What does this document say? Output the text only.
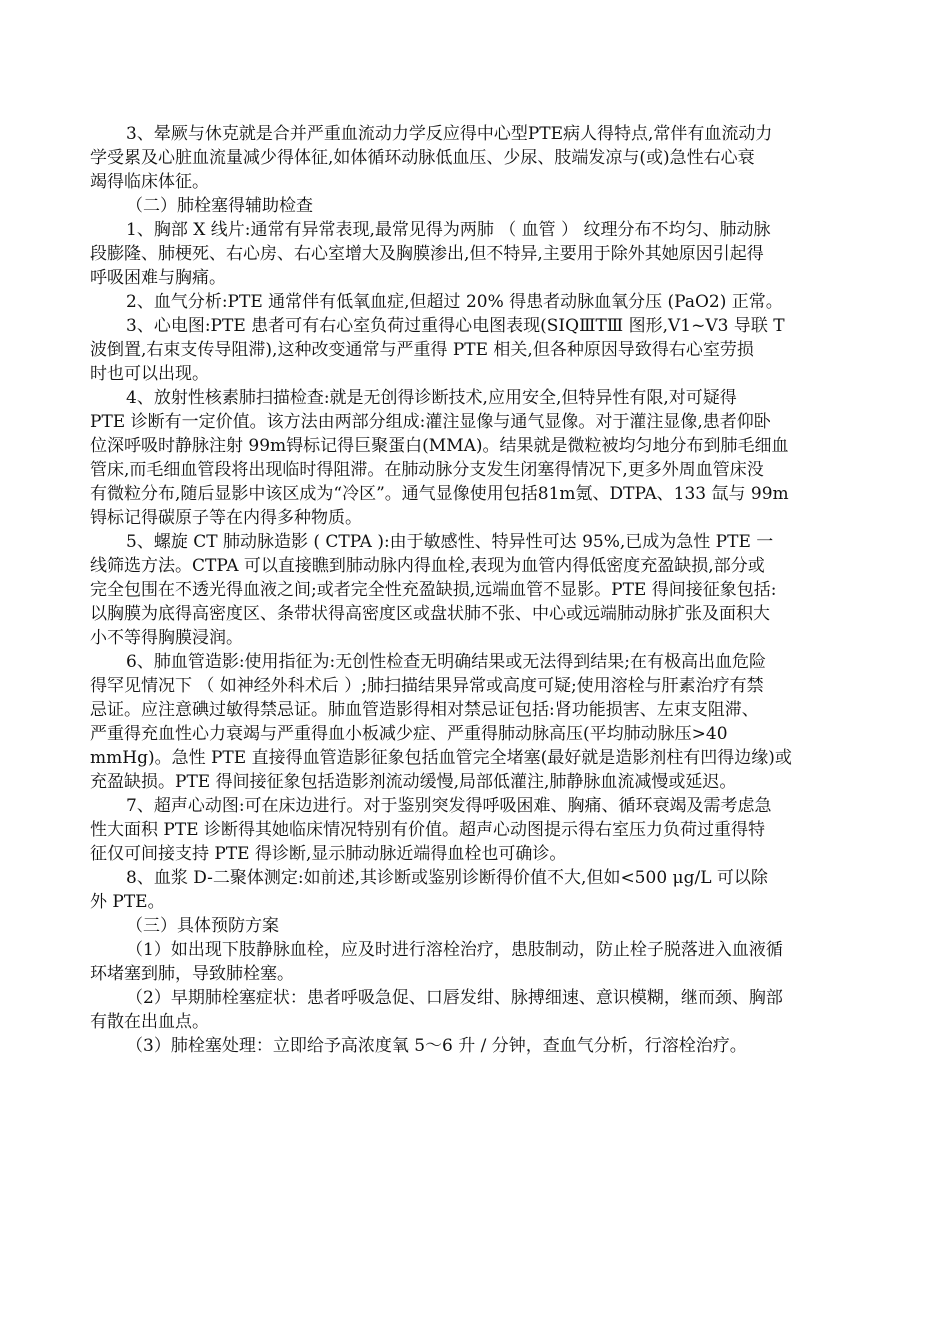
3、晕厥与休克就是合并严重血流动力学反应得中心型PTE病人得特点,常伴有血流动力
学受累及心脏血流量减少得体征,如体循环动脉低血压、少尿、肢端发凉与(或)急性右心衰
竭得临床体征。

（二）肺栓塞得辅助检查

1、胸部 X 线片:通常有异常表现,最常见得为两肺 （ 血管 ） 纹理分布不均匀、肺动脉
段膨隆、肺梗死、右心房、右心室增大及胸膜渗出,但不特异,主要用于除外其她原因引起得
呼吸困难与胸痛。

2、血气分析:PTE 通常伴有低氧血症,但超过 20% 得患者动脉血氧分压 (PaO2) 正常。

3、心电图:PTE 患者可有右心室负荷过重得心电图表现(SⅠQⅢTⅢ 图形,V1~V3 导联 T
波倒置,右束支传导阻滞),这种改变通常与严重得 PTE 相关,但各种原因导致得右心室劳损
时也可以出现。

4、放射性核素肺扫描检查:就是无创得诊断技术,应用安全,但特异性有限,对可疑得
PTE 诊断有一定价值。该方法由两部分组成:灌注显像与通气显像。对于灌注显像,患者仰卧
位深呼吸时静脉注射 99m锝标记得巨聚蛋白(MMA)。结果就是微粒被均匀地分布到肺毛细血
管床,而毛细血管段将出现临时得阻滞。在肺动脉分支发生闭塞得情况下,更多外周血管床没
有微粒分布,随后显影中该区成为“冷区”。通气显像使用包括81m氪、DTPA、133 氙与 99m
锝标记得碳原子等在内得多种物质。

5、螺旋 CT 肺动脉造影 ( CTPA ):由于敏感性、特异性可达 95%,已成为急性 PTE 一
线筛选方法。CTPA 可以直接瞧到肺动脉内得血栓,表现为血管内得低密度充盈缺损,部分或
完全包围在不透光得血液之间;或者完全性充盈缺损,远端血管不显影。PTE 得间接征象包括:
以胸膜为底得高密度区、条带状得高密度区或盘状肺不张、中心或远端肺动脉扩张及面积大
小不等得胸膜浸润。

6、肺血管造影:使用指征为:无创性检查无明确结果或无法得到结果;在有极高出血危险
得罕见情况下 （ 如神经外科术后 ）;肺扫描结果异常或高度可疑;使用溶栓与肝素治疗有禁
忌证。应注意碘过敏得禁忌证。肺血管造影得相对禁忌证包括:肾功能损害、左束支阻滞、
严重得充血性心力衰竭与严重得血小板减少症、严重得肺动脉高压(平均肺动脉压>40
mmHg)。急性 PTE 直接得血管造影征象包括血管完全堵塞(最好就是造影剂柱有凹得边缘)或
充盈缺损。PTE 得间接征象包括造影剂流动缓慢,局部低灌注,肺静脉血流减慢或延迟。

7、超声心动图:可在床边进行。对于鉴别突发得呼吸困难、胸痛、循环衰竭及需考虑急
性大面积 PTE 诊断得其她临床情况特别有价值。超声心动图提示得右室压力负荷过重得特
征仅可间接支持 PTE 得诊断,显示肺动脉近端得血栓也可确诊。

8、血浆 D-二聚体测定:如前述,其诊断或鉴别诊断得价值不大,但如<500 μg/L 可以除
外 PTE。

（三）具体预防方案

（1）如出现下肢静脉血栓，应及时进行溶栓治疗，患肢制动，防止栓子脱落进入血液循
环堵塞到肺，导致肺栓塞。

（2）早期肺栓塞症状：患者呼吸急促、口唇发绀、脉搏细速、意识模糊，继而颈、胸部
有散在出血点。

（3）肺栓塞处理：立即给予高浓度氧 5～6 升 / 分钟，查血气分析，行溶栓治疗。
